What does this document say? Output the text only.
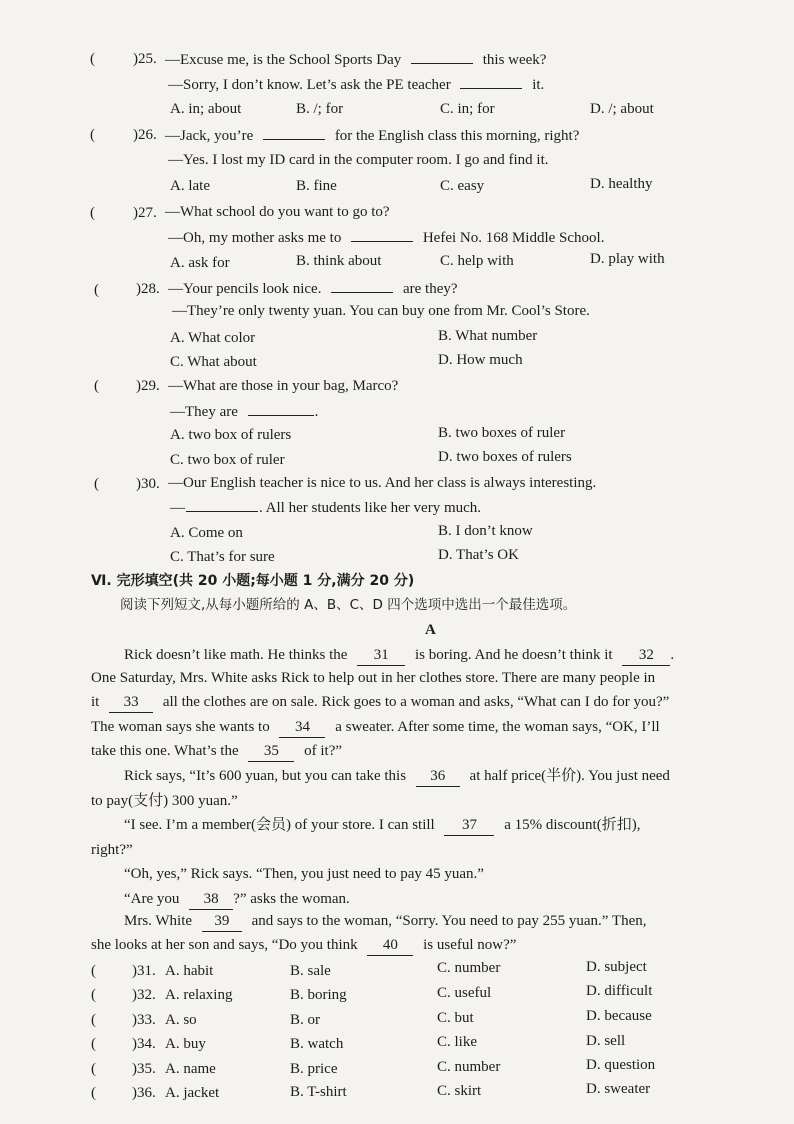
(	)25. —Excuse me, is the School Sports Day	this week?
—Sorry, I don’t know. Let’s ask the PE teacher	it.
A. in; about	B. /; for	C. in; for	D. /; about
(	)26. —Jack, you’re	for the English class this morning, right?
—Yes. I lost my ID card in the computer room. I go and find it.
A. late	B. fine	C. easy	D. healthy
(	)27. —What school do you want to go to?
—Oh, my mother asks me to	Hefei No. 168 Middle School.
A. ask for	B. think about	C. help with	D. play with
( )28. —Your pencils look nice.	are they?
—They’re only twenty yuan. You can buy one from Mr. Cool’s Store.
A. What color	B. What number
C. What about	D. How much
( )29. —What are those in your bag, Marco?
—They are	.
A. two box of rulers	B. two boxes of ruler
C. two box of ruler	D. two boxes of rulers
( )30. —Our English teacher is nice to us. And her class is always interesting.
—	. All her students like her very much.
A. Come on	B. I don’t know
C. That’s for sure	D. That’s OK
Ⅵ. 完形填空(共 20 小题;每小题 1 分,满分 20 分)
阅读下列短文,从每小题所给的 A、B、C、D 四个选项中选出一个最佳选项。
A
Rick doesn’t like math. He thinks the 31 is boring. And he doesn’t think it 32 .
One Saturday, Mrs. White asks Rick to help out in her clothes store. There are many people in
it 33 all the clothes are on sale. Rick goes to a woman and asks, “What can I do for you?”
The woman says she wants to 34 a sweater. After some time, the woman says, “OK, I’ll
take this one. What’s the 35 of it?”
Rick says, “It’s 600 yuan, but you can take this 36 at half price(半价). You just need
to pay(支付) 300 yuan.”
“I see. I’m a member(会员) of your store. I can still 37 a 15% discount(折扣),
right?”
“Oh, yes,” Rick says. “Then, you just need to pay 45 yuan.”
“Are you 38 ?” asks the woman.
Mrs. White 39 and says to the woman, “Sorry. You need to pay 255 yuan.” Then,
she looks at her son and says, “Do you think 40 is useful now?”
( )31. A. habit	B. sale	C. number	D. subject
( )32. A. relaxing	B. boring	C. useful	D. difficult
( )33. A. so	B. or	C. but	D. because
( )34. A. buy	B. watch	C. like	D. sell
( )35. A. name	B. price	C. number	D. question
( )36. A. jacket	B. T-shirt	C. skirt	D. sweater
